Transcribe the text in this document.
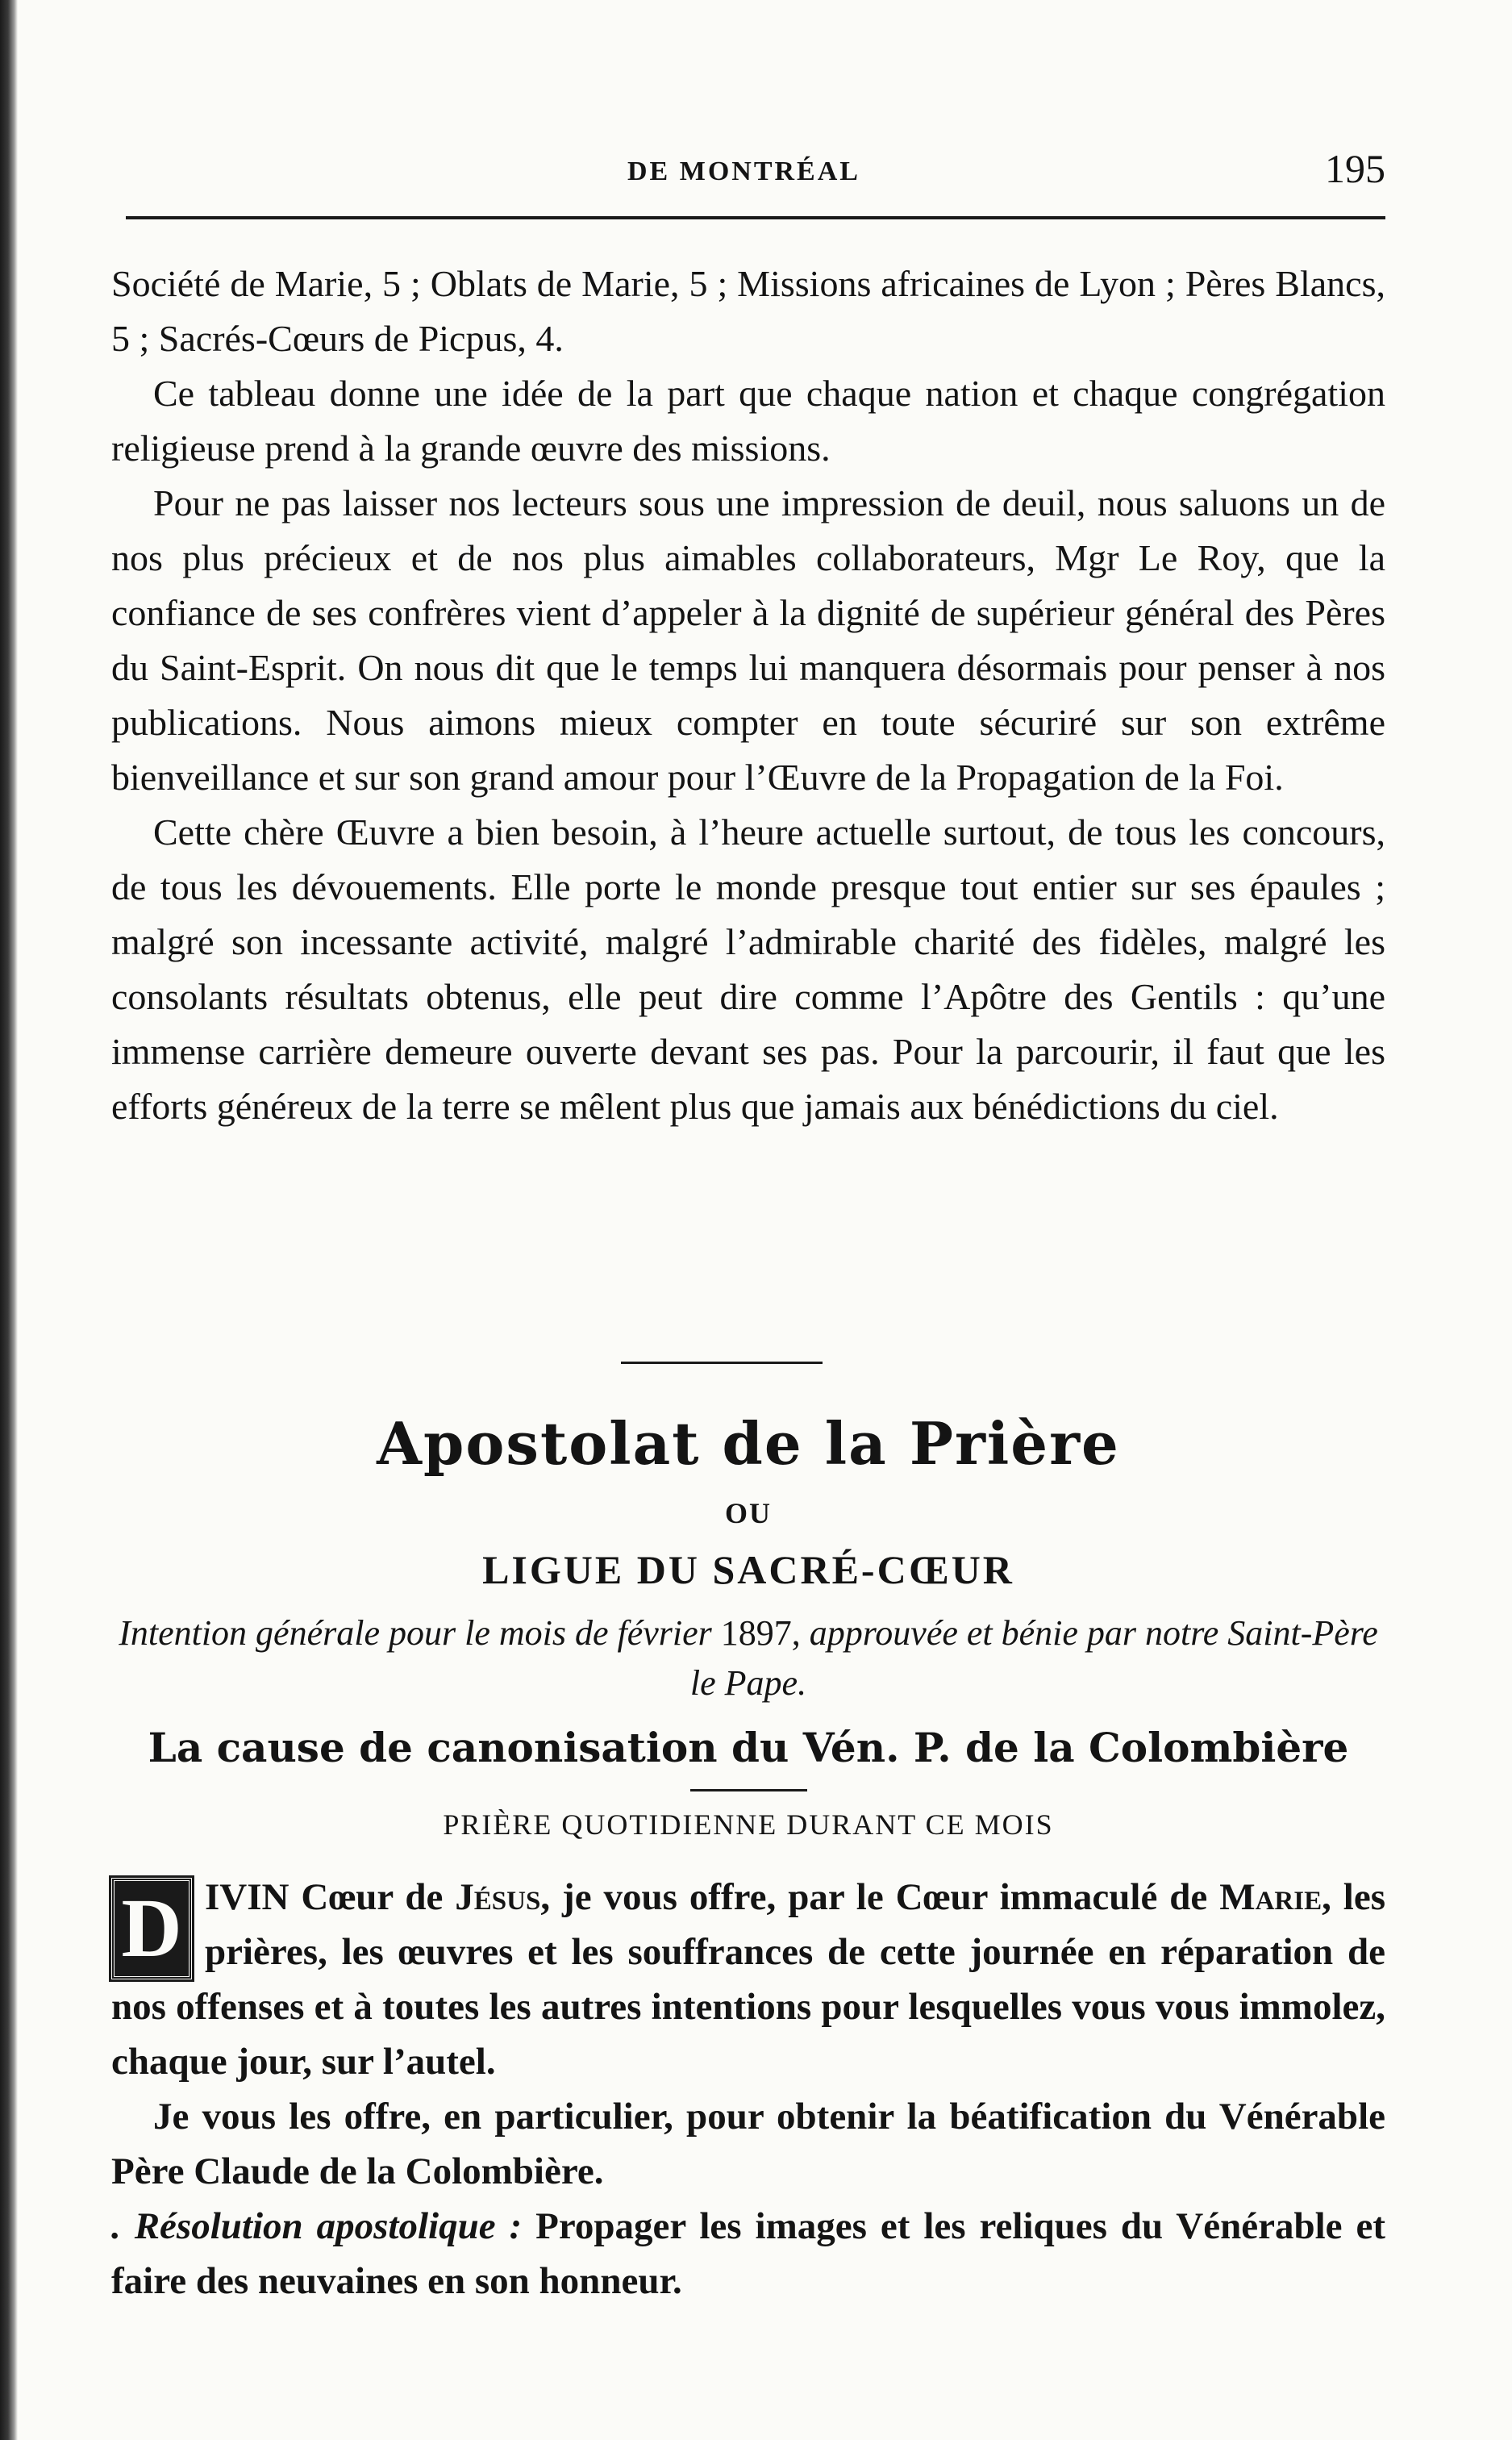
DE MONTRÉAL	195

Société de Marie, 5 ; Oblats de Marie, 5 ; Missions africaines de Lyon ; Pères Blancs, 5 ; Sacrés-Cœurs de Picpus, 4.

Ce tableau donne une idée de la part que chaque nation et chaque congrégation religieuse prend à la grande œuvre des missions.

Pour ne pas laisser nos lecteurs sous une impression de deuil, nous saluons un de nos plus précieux et de nos plus aimables collaborateurs, Mgr Le Roy, que la confiance de ses confrères vient d’appeler à la dignité de supérieur général des Pères du Saint-Esprit. On nous dit que le temps lui manquera désormais pour penser à nos publications. Nous aimons mieux compter en toute sécuriré sur son extrême bienveillance et sur son grand amour pour l’Œuvre de la Propagation de la Foi.

Cette chère Œuvre a bien besoin, à l’heure actuelle surtout, de tous les concours, de tous les dévouements. Elle porte le monde presque tout entier sur ses épaules ; malgré son incessante activité, malgré l’admirable charité des fidèles, malgré les consolants résultats obtenus, elle peut dire comme l’Apôtre des Gentils : qu’une immense carrière demeure ouverte devant ses pas. Pour la parcourir, il faut que les efforts généreux de la terre se mêlent plus que jamais aux bénédictions du ciel.

Apostolat de la Prière

OU

LIGUE DU SACRÉ-CŒUR

Intention générale pour le mois de février 1897, approuvée et bénie par notre Saint-Père le Pape.

La cause de canonisation du Vén. P. de la Colombière

PRIÈRE QUOTIDIENNE DURANT CE MOIS

D IVIN Cœur de Jésus, je vous offre, par le Cœur immaculé de Marie, les prières, les œuvres et les souffrances de cette journée en réparation de nos offenses et à toutes les autres intentions pour lesquelles vous vous immolez, chaque jour, sur l’autel.

Je vous les offre, en particulier, pour obtenir la béatification du Vénérable Père Claude de la Colombière.

. Résolution apostolique : Propager les images et les reliques du Vénérable et faire des neuvaines en son honneur.
